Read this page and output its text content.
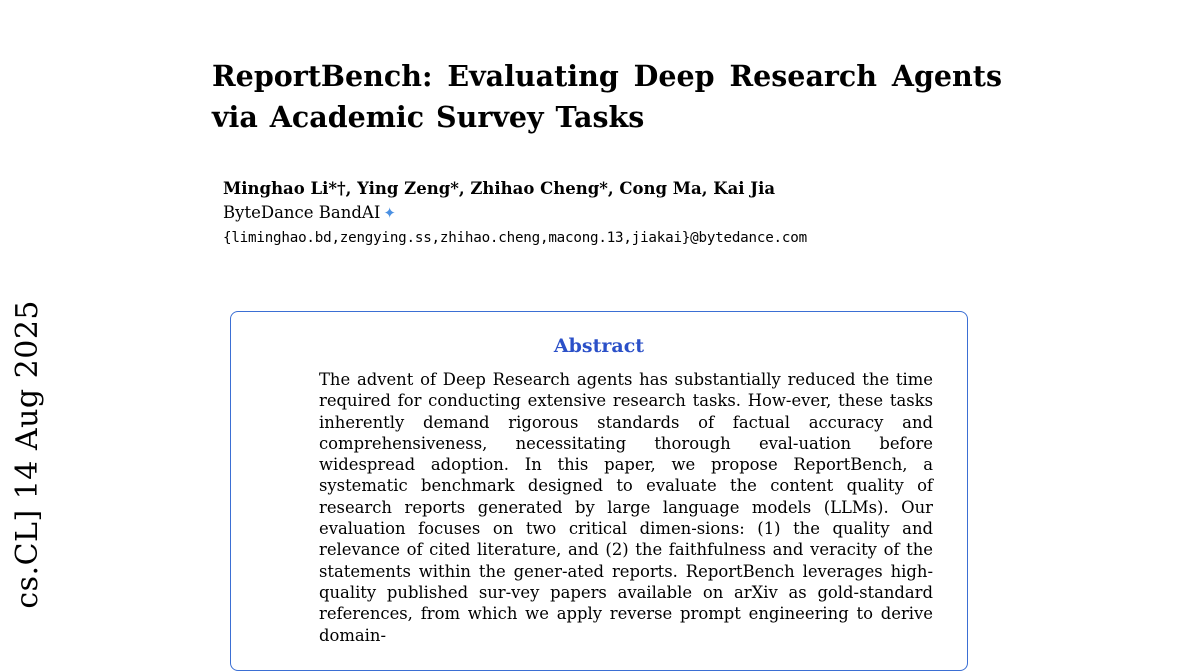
cs.CL] 14 Aug 2025
ReportBench: Evaluating Deep Research Agents via Academic Survey Tasks
Minghao Li*†, Ying Zeng*, Zhihao Cheng*, Cong Ma, Kai Jia
ByteDance BandAI ✦
{liminghao.bd,zengying.ss,zhihao.cheng,macong.13,jiakai}@bytedance.com
Abstract
The advent of Deep Research agents has substantially reduced the time required for conducting extensive research tasks. How-ever, these tasks inherently demand rigorous standards of factual accuracy and comprehensiveness, necessitating thorough eval-uation before widespread adoption. In this paper, we propose ReportBench, a systematic benchmark designed to evaluate the content quality of research reports generated by large language models (LLMs). Our evaluation focuses on two critical dimen-sions: (1) the quality and relevance of cited literature, and (2) the faithfulness and veracity of the statements within the gener-ated reports. ReportBench leverages high-quality published sur-vey papers available on arXiv as gold-standard references, from which we apply reverse prompt engineering to derive domain-
